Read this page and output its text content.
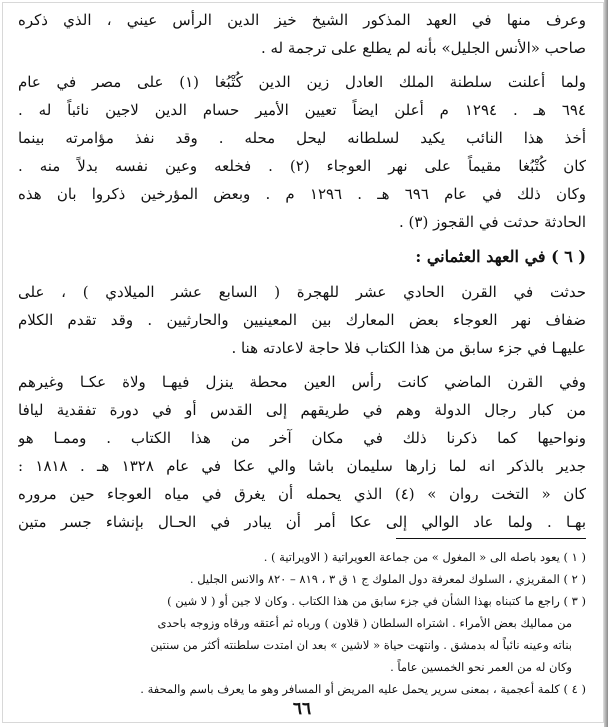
وعرف منها في العهد المذكور الشيخ خيز الدين الرأس عيني ، الذي ذكره

صاحب «الأنس الجليل» بأنه لم يطلع على ترجمة له .

ولما أعلنت سلطنة الملك العادل زين الدين كُتْبُغا (١) على مصر في عام

٦٩٤ هـ . ١٢٩٤ م أعلن ايضاً تعيين الأمير حسام الدين لاجين نائباً له .

أخذ هذا النائب يكيد لسلطانه ليحل محله . وقد نفذ مؤامرته بينما

كان كُتْبُغا مقيماً على نهر العوجاء (٢) . فخلعه وعين نفسه بدلاً منه .

وكان ذلك في عام ٦٩٦ هـ . ١٢٩٦ م . وبعض المؤرخين ذكروا بان هذه

الحادثة حدثت في القجوز (٣) .

( ٦ ) في العهد العثماني :

حدثت في القرن الحادي عشر للهجرة ( السابع عشر الميلادي ) ، على

ضفاف نهر العوجاء بعض المعارك بين المعينيين والحارثيين . وقد تقدم الكلام

عليهـا في جزء سابق من هذا الكتاب فلا حاجة لاعادته هنا .

وفي القرن الماضي كانت رأس العين محطة ينزل فيهـا ولاة عكـا وغيرهم

من كبار رجال الدولة وهم في طريقهم إلى القدس أو في دورة تفقدية ليافا

ونواحيها كما ذكرنا ذلك في مكان آخر من هذا الكتاب . وممـا هو

جدير بالذكر انه لما زارها سليمان باشا والي عكا في عام ١٣٢٨ هـ . ١٨١٨ :

كان « التخت روان » (٤) الذي يحمله أن يغرق في مياه العوجاء حين مروره

بهـا . ولما عاد الوالي إلى عكا أمر أن يبادر في الحـال بإنشاء جسر متين

( ١ ) يعود باصله الى « المغول » من جماعة العويراتية ( الاويراتية ) .

( ٢ ) المقريزي ، السلوك لمعرفة دول الملوك ج ١ ق ٣ ، ٨١٩ – ٨٢٠ والانس الجليل .

( ٣ ) راجع ما كتبناه بهذا الشأن في جزء سابق من هذا الكتاب . وكان لا جين أو ( لا شين )

من مماليك بعض الأمراء . اشتراه السلطان ( قلاون ) ورباه ثم أعتقه ورقاه وزوجه باحدى

بناته وعينه نائباً له بدمشق . وانتهت حياة « لاشين » بعد ان امتدت سلطنته أكثر من سنتين

وكان له من العمر نحو الخمسين عاماً .

( ٤ ) كلمة أعجمية ، بمعنى سرير يحمل عليه المريض أو المسافر وهو ما يعرف باسم والمحفة .

٦٦
